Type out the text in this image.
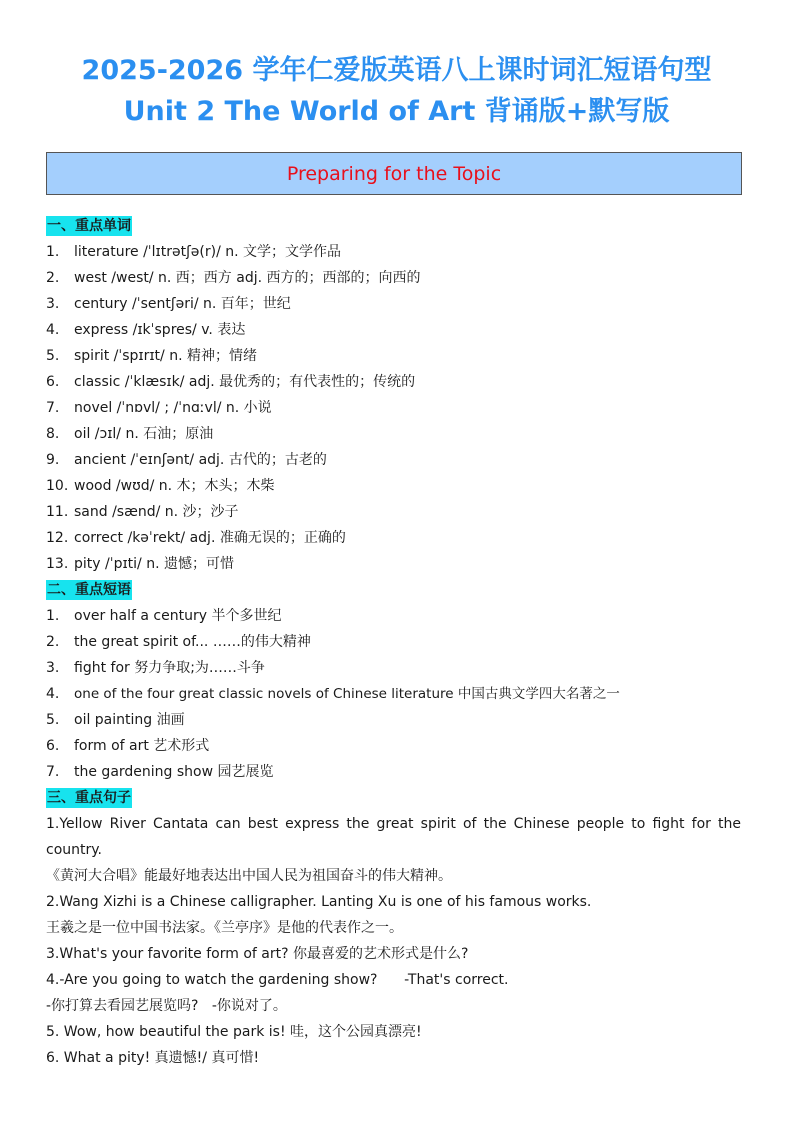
2025-2026 学年仁爱版英语八上课时词汇短语句型
Unit 2 The World of Art 背诵版+默写版
Preparing for the Topic
一、重点单词
1. literature /ˈlɪtrətʃə(r)/ n. 文学；文学作品
2. west /west/ n. 西；西方 adj. 西方的；西部的；向西的
3. century /ˈsentʃəri/ n. 百年；世纪
4. express /ɪkˈspres/ v. 表达
5. spirit /ˈspɪrɪt/ n. 精神；情绪
6. classic /ˈklæsɪk/ adj. 最优秀的；有代表性的；传统的
7. novel /ˈnɒvl/ ; /ˈnɑːvl/ n. 小说
8. oil /ɔɪl/ n. 石油；原油
9. ancient /ˈeɪnʃənt/ adj. 古代的；古老的
10. wood /wʊd/ n. 木；木头；木柴
11. sand /sænd/ n. 沙；沙子
12. correct /kəˈrekt/ adj. 准确无误的；正确的
13. pity /ˈpɪti/ n. 遗憾；可惜
二、重点短语
1. over half a century 半个多世纪
2. the great spirit of... ……的伟大精神
3. fight for 努力争取;为……斗争
4. one of the four great classic novels of Chinese literature 中国古典文学四大名著之一
5. oil painting 油画
6. form of art 艺术形式
7. the gardening show 园艺展览
三、重点句子
1.Yellow River Cantata can best express the great spirit of the Chinese people to fight for the country.
《黄河大合唱》能最好地表达出中国人民为祖国奋斗的伟大精神。
2.Wang Xizhi is a Chinese calligrapher. Lanting Xu is one of his famous works.
王羲之是一位中国书法家。《兰亭序》是他的代表作之一。
3.What's your favorite form of art? 你最喜爱的艺术形式是什么?
4.-Are you going to watch the gardening show?      -That's correct.
-你打算去看园艺展览吗?   -你说对了。
5. Wow, how beautiful the park is! 哇，这个公园真漂亮!
6. What a pity! 真遗憾!/ 真可惜!
